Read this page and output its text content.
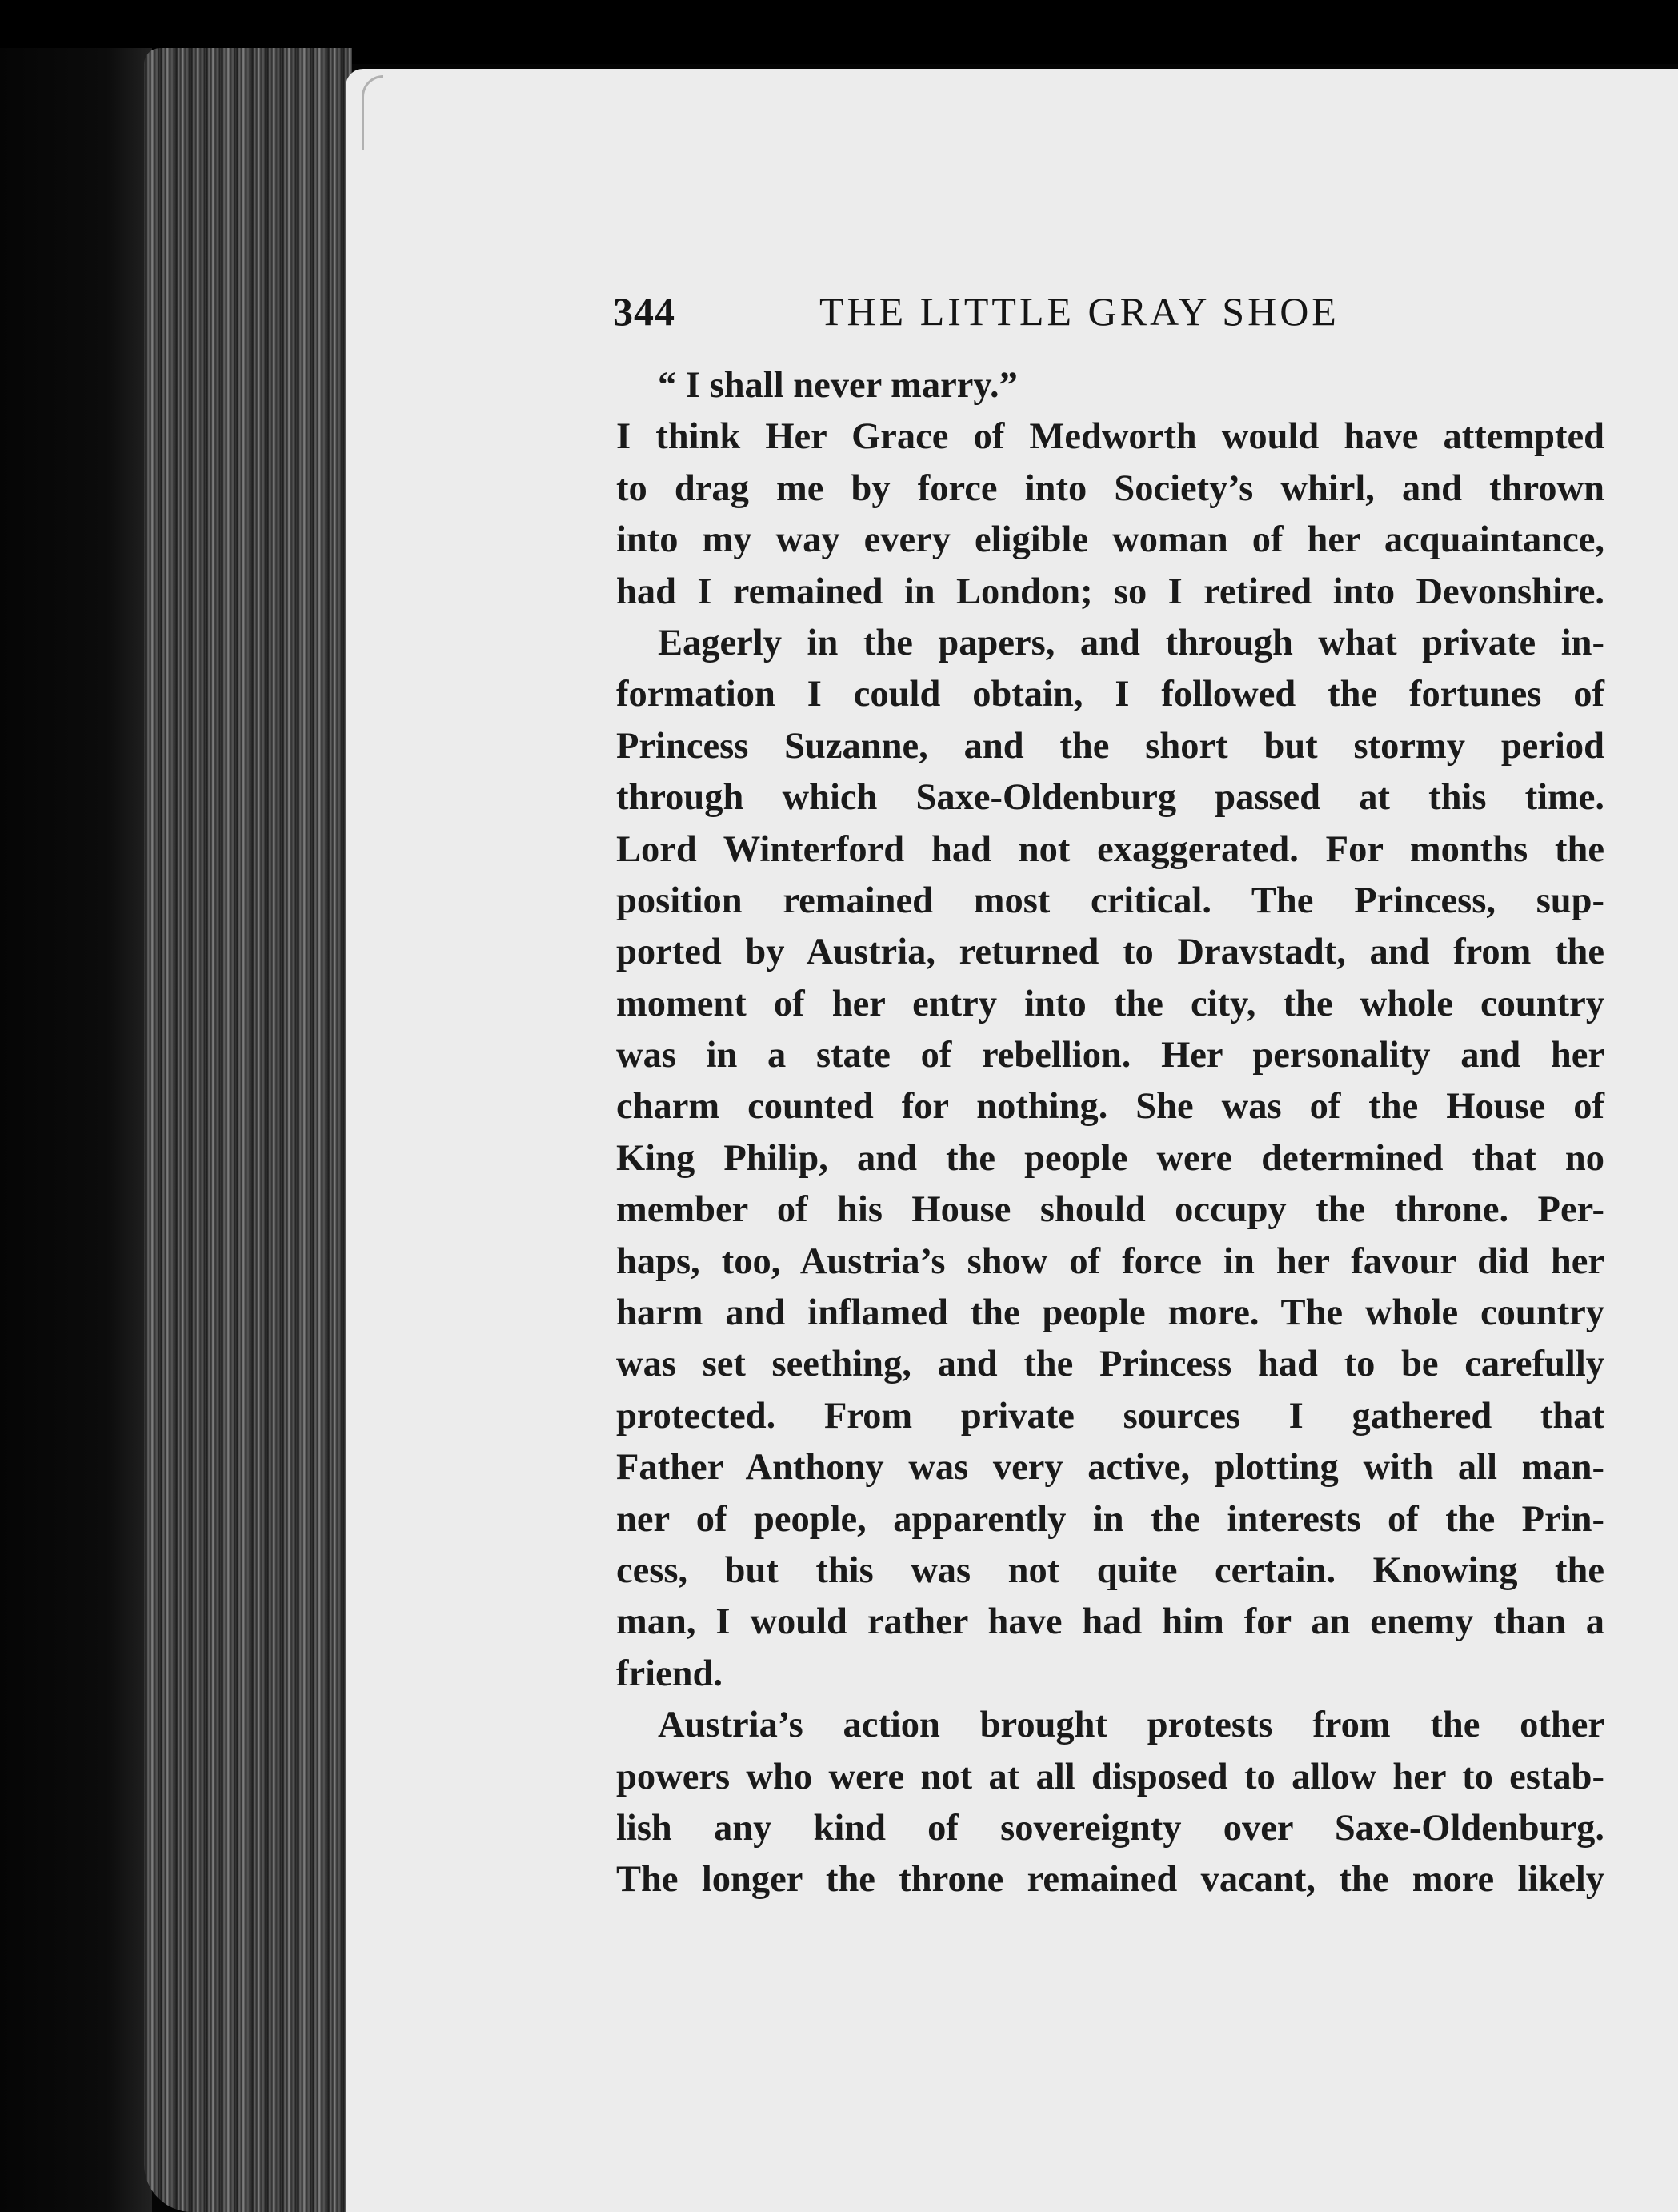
344	THE LITTLE GRAY SHOE
“ I shall never marry.”
I think Her Grace of Medworth would have attempted
to drag me by force into Society’s whirl, and thrown
into my way every eligible woman of her acquaintance,
had I remained in London; so I retired into Devonshire.
Eagerly in the papers, and through what private in-
formation I could obtain, I followed the fortunes of
Princess Suzanne, and the short but stormy period
through which Saxe-Oldenburg passed at this time.
Lord Winterford had not exaggerated. For months the
position remained most critical. The Princess, sup-
ported by Austria, returned to Dravstadt, and from the
moment of her entry into the city, the whole country
was in a state of rebellion. Her personality and her
charm counted for nothing. She was of the House of
King Philip, and the people were determined that no
member of his House should occupy the throne. Per-
haps, too, Austria’s show of force in her favour did her
harm and inflamed the people more. The whole country
was set seething, and the Princess had to be carefully
protected. From private sources I gathered that
Father Anthony was very active, plotting with all man-
ner of people, apparently in the interests of the Prin-
cess, but this was not quite certain. Knowing the
man, I would rather have had him for an enemy than a
friend.
Austria’s action brought protests from the other
powers who were not at all disposed to allow her to estab-
lish any kind of sovereignty over Saxe-Oldenburg.
The longer the throne remained vacant, the more likely
